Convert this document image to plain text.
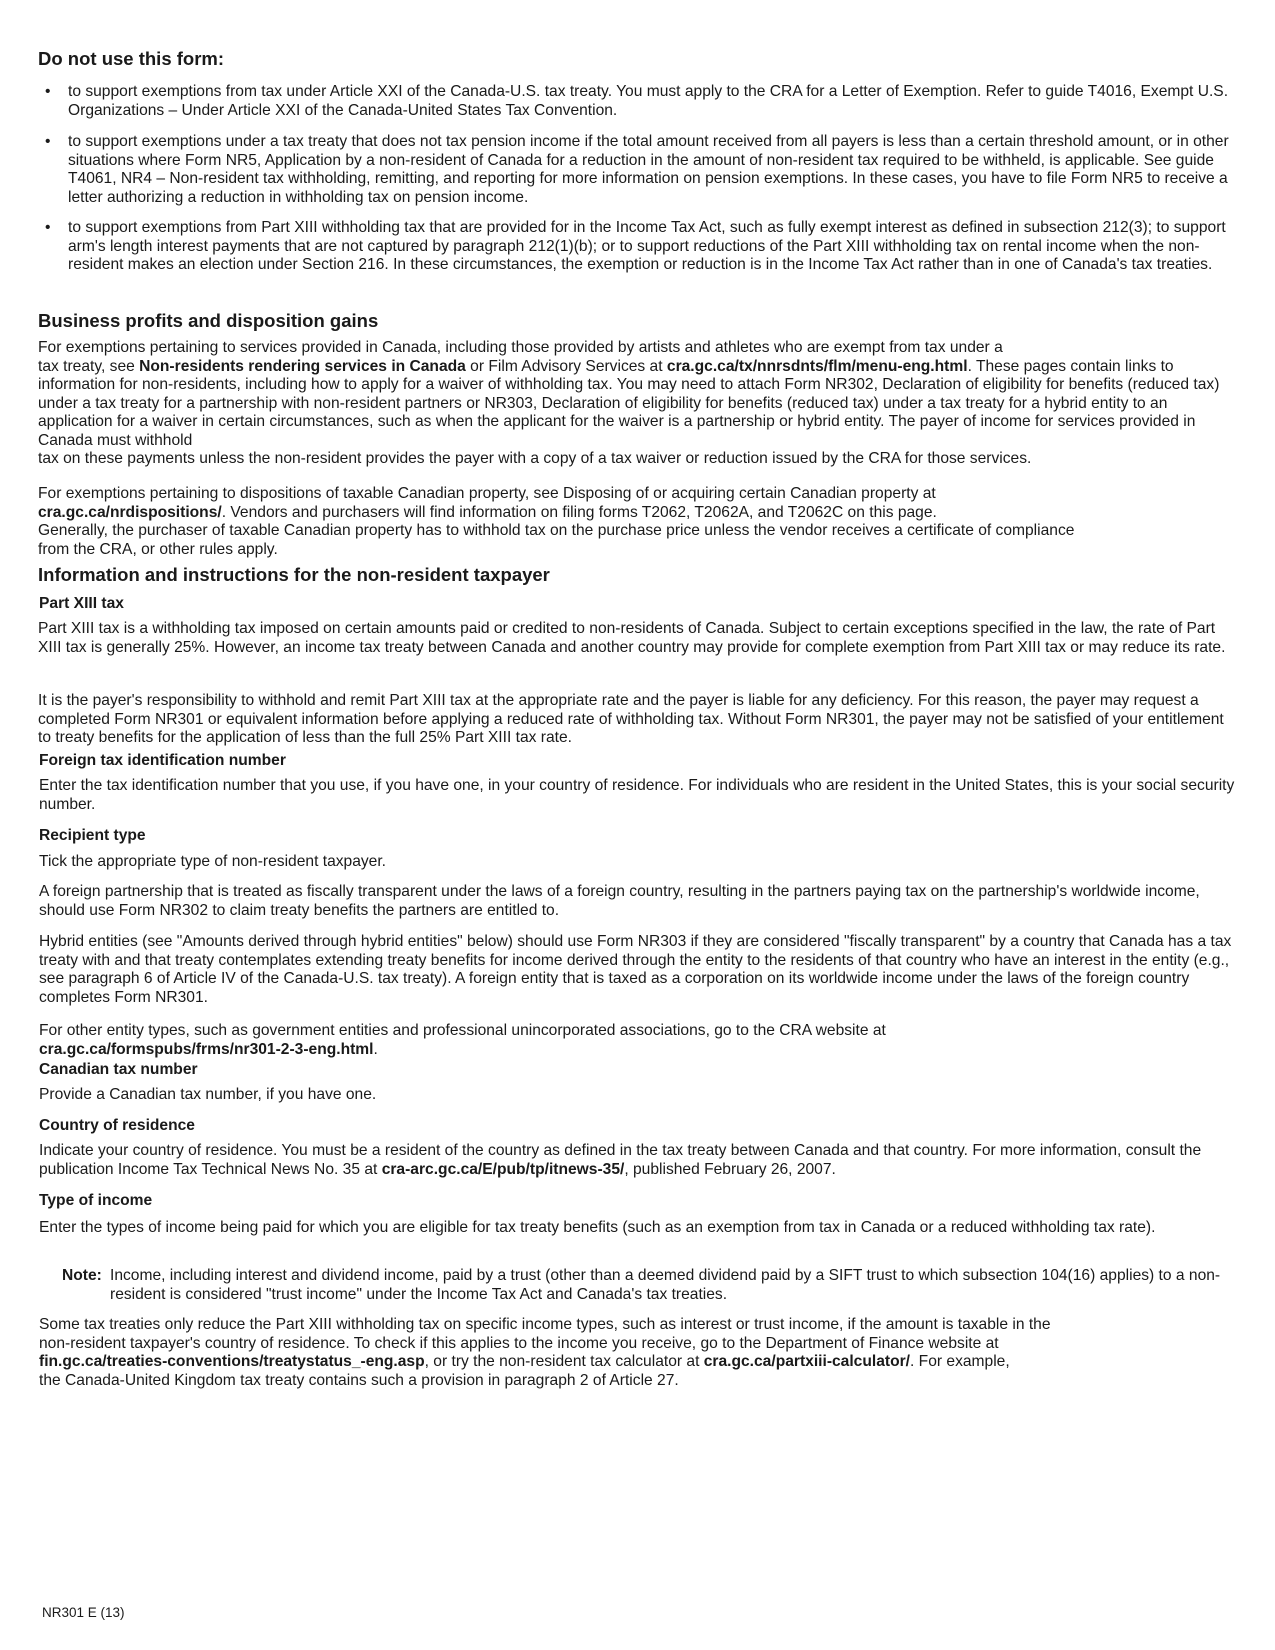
Do not use this form:
• to support exemptions from tax under Article XXI of the Canada-U.S. tax treaty. You must apply to the CRA for a Letter of Exemption. Refer to guide T4016, Exempt U.S. Organizations – Under Article XXI of the Canada-United States Tax Convention.
• to support exemptions under a tax treaty that does not tax pension income if the total amount received from all payers is less than a certain threshold amount, or in other situations where Form NR5, Application by a non-resident of Canada for a reduction in the amount of non-resident tax required to be withheld, is applicable. See guide T4061, NR4 – Non-resident tax withholding, remitting, and reporting for more information on pension exemptions. In these cases, you have to file Form NR5 to receive a letter authorizing a reduction in withholding tax on pension income.
• to support exemptions from Part XIII withholding tax that are provided for in the Income Tax Act, such as fully exempt interest as defined in subsection 212(3); to support arm's length interest payments that are not captured by paragraph 212(1)(b); or to support reductions of the Part XIII withholding tax on rental income when the non-resident makes an election under Section 216. In these circumstances, the exemption or reduction is in the Income Tax Act rather than in one of Canada's tax treaties.
Business profits and disposition gains
For exemptions pertaining to services provided in Canada, including those provided by artists and athletes who are exempt from tax under a
tax treaty, see Non-residents rendering services in Canada or Film Advisory Services at cra.gc.ca/tx/nnrsdnts/flm/menu-eng.html. These pages contain links to information for non-residents, including how to apply for a waiver of withholding tax. You may need to attach Form NR302, Declaration of eligibility for benefits (reduced tax) under a tax treaty for a partnership with non-resident partners or NR303, Declaration of eligibility for benefits (reduced tax) under a tax treaty for a hybrid entity to an application for a waiver in certain circumstances, such as when the applicant for the waiver is a partnership or hybrid entity. The payer of income for services provided in Canada must withhold
tax on these payments unless the non-resident provides the payer with a copy of a tax waiver or reduction issued by the CRA for those services.
For exemptions pertaining to dispositions of taxable Canadian property, see Disposing of or acquiring certain Canadian property at
cra.gc.ca/nrdispositions/. Vendors and purchasers will find information on filing forms T2062, T2062A, and T2062C on this page.
Generally, the purchaser of taxable Canadian property has to withhold tax on the purchase price unless the vendor receives a certificate of compliance
from the CRA, or other rules apply.
Information and instructions for the non-resident taxpayer
Part XIII tax
Part XIII tax is a withholding tax imposed on certain amounts paid or credited to non-residents of Canada. Subject to certain exceptions specified in the law, the rate of Part XIII tax is generally 25%. However, an income tax treaty between Canada and another country may provide for complete exemption from Part XIII tax or may reduce its rate.
It is the payer's responsibility to withhold and remit Part XIII tax at the appropriate rate and the payer is liable for any deficiency. For this reason, the payer may request a completed Form NR301 or equivalent information before applying a reduced rate of withholding tax. Without Form NR301, the payer may not be satisfied of your entitlement to treaty benefits for the application of less than the full 25% Part XIII tax rate.
Foreign tax identification number
Enter the tax identification number that you use, if you have one, in your country of residence. For individuals who are resident in the United States, this is your social security number.
Recipient type
Tick the appropriate type of non-resident taxpayer.
A foreign partnership that is treated as fiscally transparent under the laws of a foreign country, resulting in the partners paying tax on the partnership's worldwide income, should use Form NR302 to claim treaty benefits the partners are entitled to.
Hybrid entities (see "Amounts derived through hybrid entities" below) should use Form NR303 if they are considered "fiscally transparent" by a country that Canada has a tax treaty with and that treaty contemplates extending treaty benefits for income derived through the entity to the residents of that country who have an interest in the entity (e.g., see paragraph 6 of Article IV of the Canada-U.S. tax treaty). A foreign entity that is taxed as a corporation on its worldwide income under the laws of the foreign country completes Form NR301.
For other entity types, such as government entities and professional unincorporated associations, go to the CRA website at
cra.gc.ca/formspubs/frms/nr301-2-3-eng.html.
Canadian tax number
Provide a Canadian tax number, if you have one.
Country of residence
Indicate your country of residence. You must be a resident of the country as defined in the tax treaty between Canada and that country. For more information, consult the publication Income Tax Technical News No. 35 at cra-arc.gc.ca/E/pub/tp/itnews-35/, published February 26, 2007.
Type of income
Enter the types of income being paid for which you are eligible for tax treaty benefits (such as an exemption from tax in Canada or a reduced withholding tax rate).
Note: Income, including interest and dividend income, paid by a trust (other than a deemed dividend paid by a SIFT trust to which subsection 104(16) applies) to a non-resident is considered "trust income" under the Income Tax Act and Canada's tax treaties.
Some tax treaties only reduce the Part XIII withholding tax on specific income types, such as interest or trust income, if the amount is taxable in the
non-resident taxpayer's country of residence. To check if this applies to the income you receive, go to the Department of Finance website at
fin.gc.ca/treaties-conventions/treatystatus_-eng.asp, or try the non-resident tax calculator at cra.gc.ca/partxiii-calculator/. For example,
the Canada-United Kingdom tax treaty contains such a provision in paragraph 2 of Article 27.
NR301 E (13)
